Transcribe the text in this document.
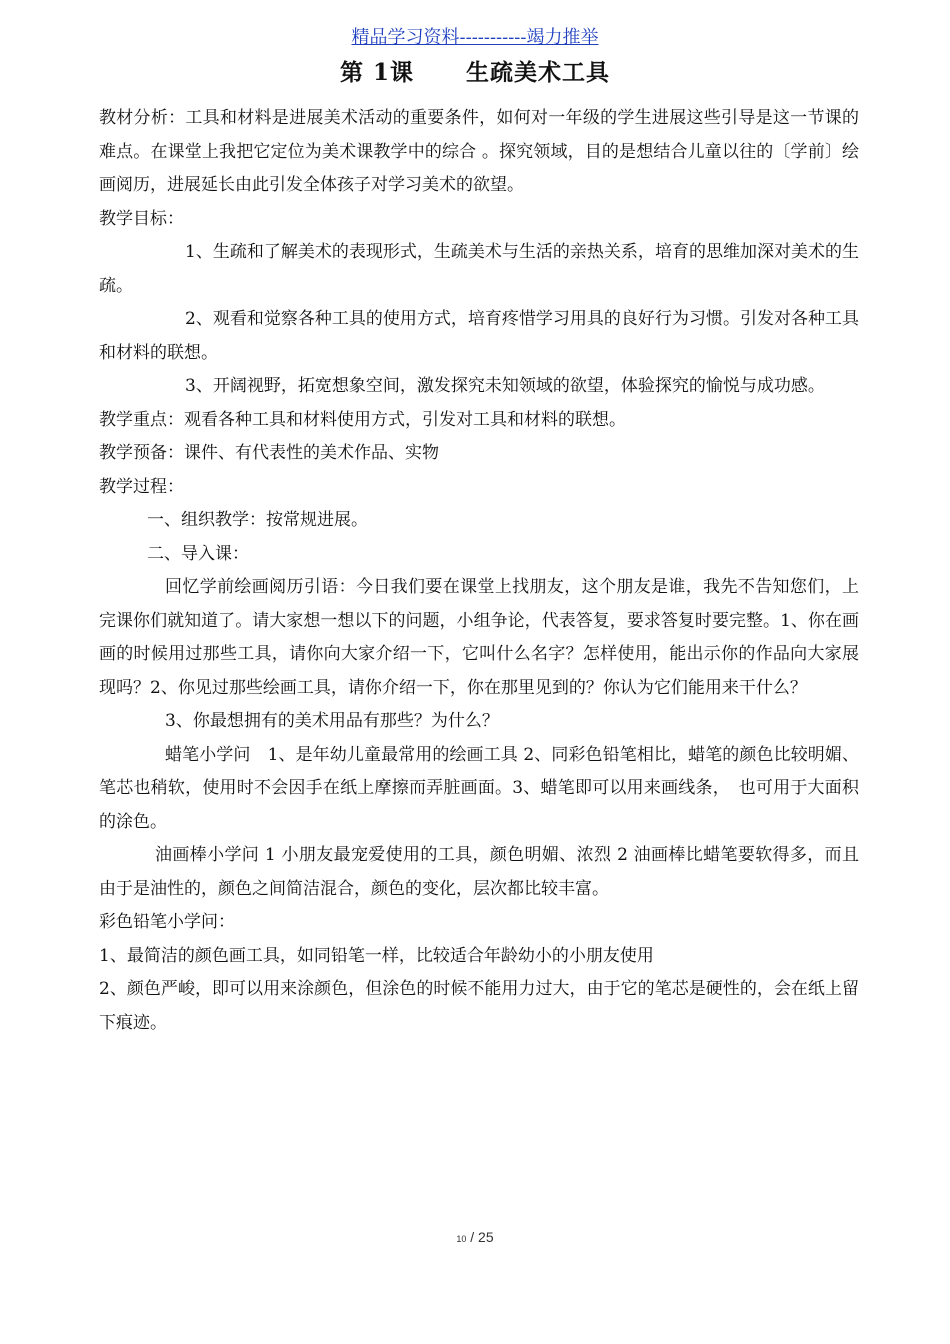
精品学习资料-----------竭力推举
第 1课 生疏美术工具

教材分析：工具和材料是进展美术活动的重要条件，如何对一年级的学生进展这些引导是这一节课的难点。在课堂上我把它定位为美术课教学中的综合 。探究领域，目的是想结合儿童以往的〔学前〕绘画阅历，进展延长由此引发全体孩子对学习美术的欲望。

教学目标：

1、生疏和了解美术的表现形式，生疏美术与生活的亲热关系，培育的思维加深对美术的生疏。

2、观看和觉察各种工具的使用方式，培育疼惜学习用具的良好行为习惯。引发对各种工具和材料的联想。

3、开阔视野，拓宽想象空间，激发探究未知领域的欲望，体验探究的愉悦与成功感。

教学重点：观看各种工具和材料使用方式，引发对工具和材料的联想。

教学预备：课件、有代表性的美术作品、实物

教学过程：

一、组织教学：按常规进展。

二、导入课：

回忆学前绘画阅历引语：今日我们要在课堂上找朋友，这个朋友是谁，我先不告知您们，上完课你们就知道了。请大家想一想以下的问题，小组争论，代表答复，要求答复时要完整。1、你在画画的时候用过那些工具，请你向大家介绍一下，它叫什么名字？怎样使用，能出示你的作品向大家展现吗？2、你见过那些绘画工具，请你介绍一下，你在那里见到的？你认为它们能用来干什么？

3、你最想拥有的美术用品有那些？为什么？

蜡笔小学问　1、是年幼儿童最常用的绘画工具 2、同彩色铅笔相比，蜡笔的颜色比较明媚、笔芯也稍软，使用时不会因手在纸上摩擦而弄脏画面。3、蜡笔即可以用来画线条，　也可用于大面积的涂色。

油画棒小学问 1 小朋友最宠爱使用的工具，颜色明媚、浓烈 2 油画棒比蜡笔要软得多，而且由于是油性的，颜色之间简洁混合，颜色的变化，层次都比较丰富。

彩色铅笔小学问：

1、最简洁的颜色画工具，如同铅笔一样，比较适合年龄幼小的小朋友使用

2、颜色严峻，即可以用来涂颜色，但涂色的时候不能用力过大，由于它的笔芯是硬性的，会在纸上留下痕迹。

10 / 25
